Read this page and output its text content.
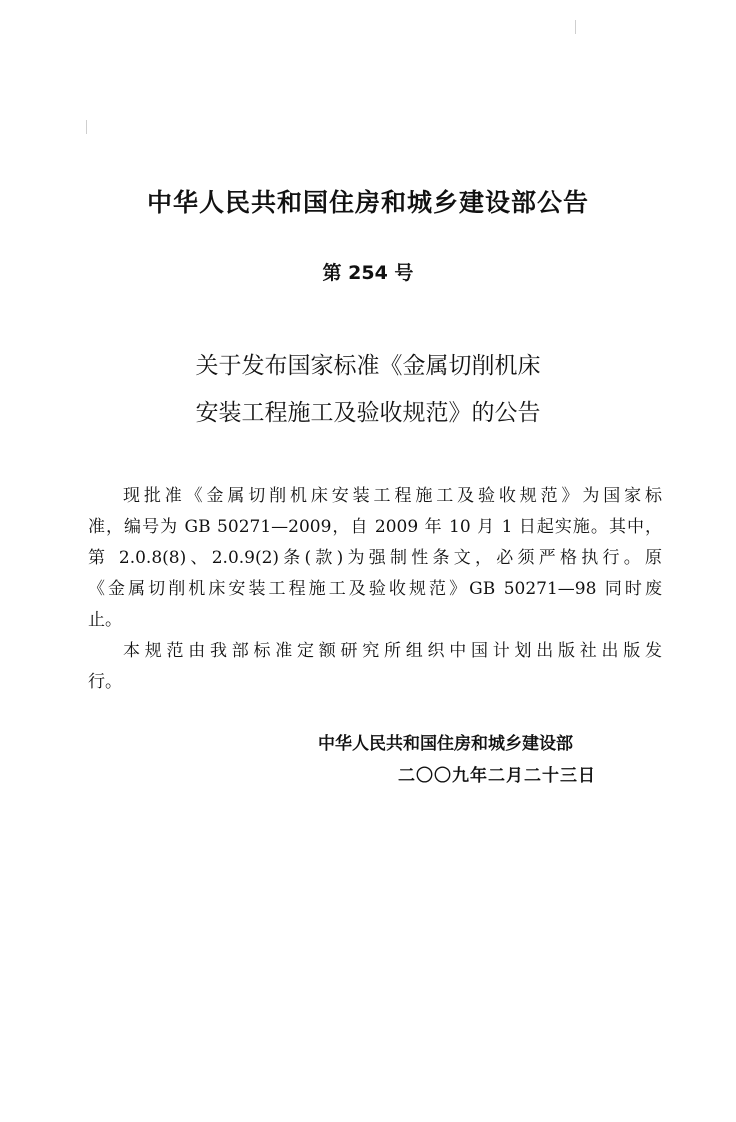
中华人民共和国住房和城乡建设部公告
第 254 号
关于发布国家标准《金属切削机床
安装工程施工及验收规范》的公告
现批准《金属切削机床安装工程施工及验收规范》为国家标
准，编号为 GB 50271—2009，自 2009 年 10 月 1 日起实施。其中，
第 2.0.8(8)、2.0.9(2)条(款)为强制性条文，必须严格执行。原
《金属切削机床安装工程施工及验收规范》GB 50271—98 同时废
止。
本规范由我部标准定额研究所组织中国计划出版社出版发
行。
中华人民共和国住房和城乡建设部
二〇〇九年二月二十三日
